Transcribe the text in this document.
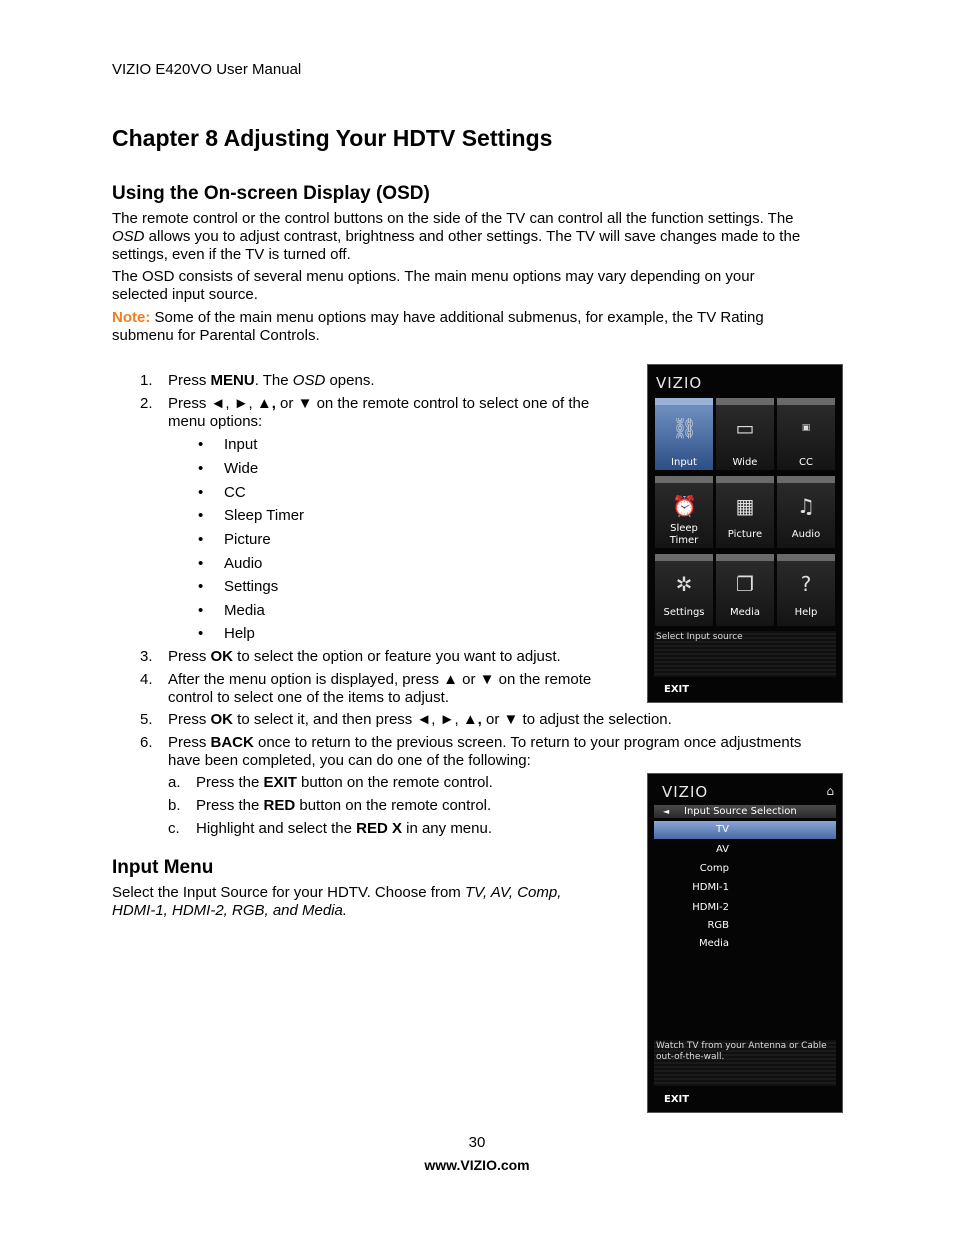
VIZIO E420VO User Manual
Chapter 8 Adjusting Your HDTV Settings
Using the On-screen Display (OSD)
The remote control or the control buttons on the side of the TV can control all the function settings. The
OSD allows you to adjust contrast, brightness and other settings. The TV will save changes made to the
settings, even if the TV is turned off.
The OSD consists of several menu options. The main menu options may vary depending on your
selected input source.
Note: Some of the main menu options may have additional submenus, for example, the TV Rating
submenu for Parental Controls.
1. Press MENU. The OSD opens.
2. Press ◄, ►, ▲, or ▼ on the remote control to select one of the
menu options:
• Input
• Wide
• CC
• Sleep Timer
• Picture
• Audio
• Settings
• Media
• Help
3. Press OK to select the option or feature you want to adjust.
4. After the menu option is displayed, press ▲ or ▼ on the remote
control to select one of the items to adjust.
5. Press OK to select it, and then press ◄, ►, ▲, or ▼ to adjust the selection.
6. Press BACK once to return to the previous screen. To return to your program once adjustments
have been completed, you can do one of the following:
a. Press the EXIT button on the remote control.
b. Press the RED button on the remote control.
c. Highlight and select the RED X in any menu.
Input Menu
Select the Input Source for your HDTV. Choose from TV, AV, Comp,
HDMI-1, HDMI-2, RGB, and Media.
VIZIO
⛓
Input
▭
Wide
▣
CC
⏰
Sleep
Timer
▦
Picture
♫
Audio
✲
Settings
❐
Media
?
Help
Select Input source
EXIT
VIZIO	⌂
◄ Input Source Selection
TV
AV
Comp
HDMI-1
HDMI-2
RGB
Media
Watch TV from your Antenna or Cable
out-of-the-wall.
EXIT
30
www.VIZIO.com
